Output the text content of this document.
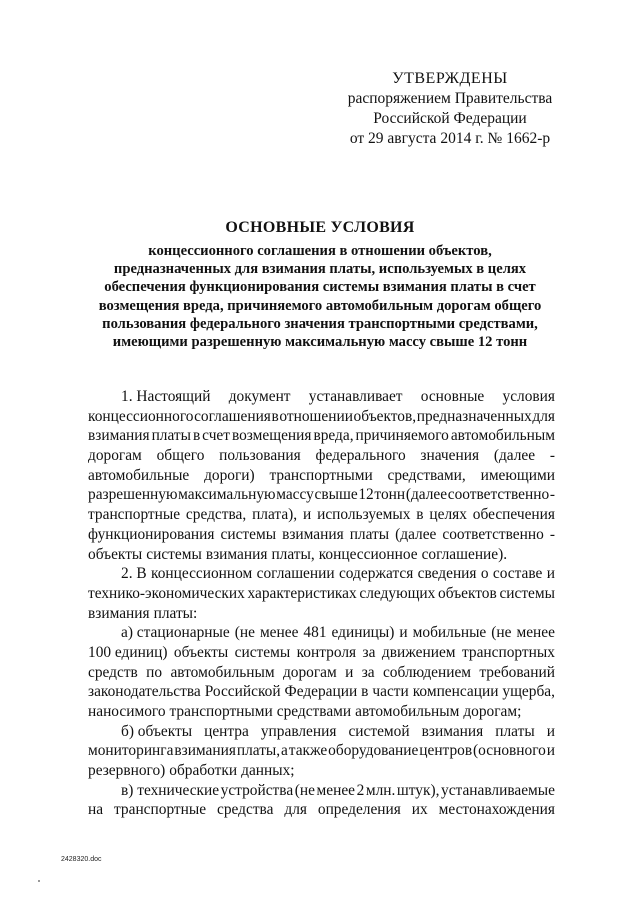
УТВЕРЖДЕНЫ
распоряжением Правительства
Российской Федерации
от 29 августа 2014 г. № 1662-р
ОСНОВНЫЕ УСЛОВИЯ
концессионного соглашения в отношении объектов,
предназначенных для взимания платы, используемых в целях
обеспечения функционирования системы взимания платы в счет
возмещения вреда, причиняемого автомобильным дорогам общего
пользования федерального значения транспортными средствами,
имеющими разрешенную максимальную массу свыше 12 тонн
1. Настоящий документ устанавливает основные условия
концессионного соглашения в отношении объектов, предназначенных для
взимания платы в счет возмещения вреда, причиняемого автомобильным
дорогам общего пользования федерального значения (далее -
автомобильные дороги) транспортными средствами, имеющими
разрешенную максимальную массу свыше 12 тонн (далее соответственно -
транспортные средства, плата), и используемых в целях обеспечения
функционирования системы взимания платы (далее соответственно -
объекты системы взимания платы, концессионное соглашение).
2. В концессионном соглашении содержатся сведения о составе и
технико-экономических характеристиках следующих объектов системы
взимания платы:
а) стационарные (не менее 481 единицы) и мобильные (не менее
100 единиц) объекты системы контроля за движением транспортных
средств по автомобильным дорогам и за соблюдением требований
законодательства Российской Федерации в части компенсации ущерба,
наносимого транспортными средствами автомобильным дорогам;
б) объекты центра управления системой взимания платы и
мониторинга взимания платы, а также оборудование центров (основного и
резервного) обработки данных;
в) технические устройства (не менее 2 млн. штук), устанавливаемые
на транспортные средства для определения их местонахождения
2428320.doc
